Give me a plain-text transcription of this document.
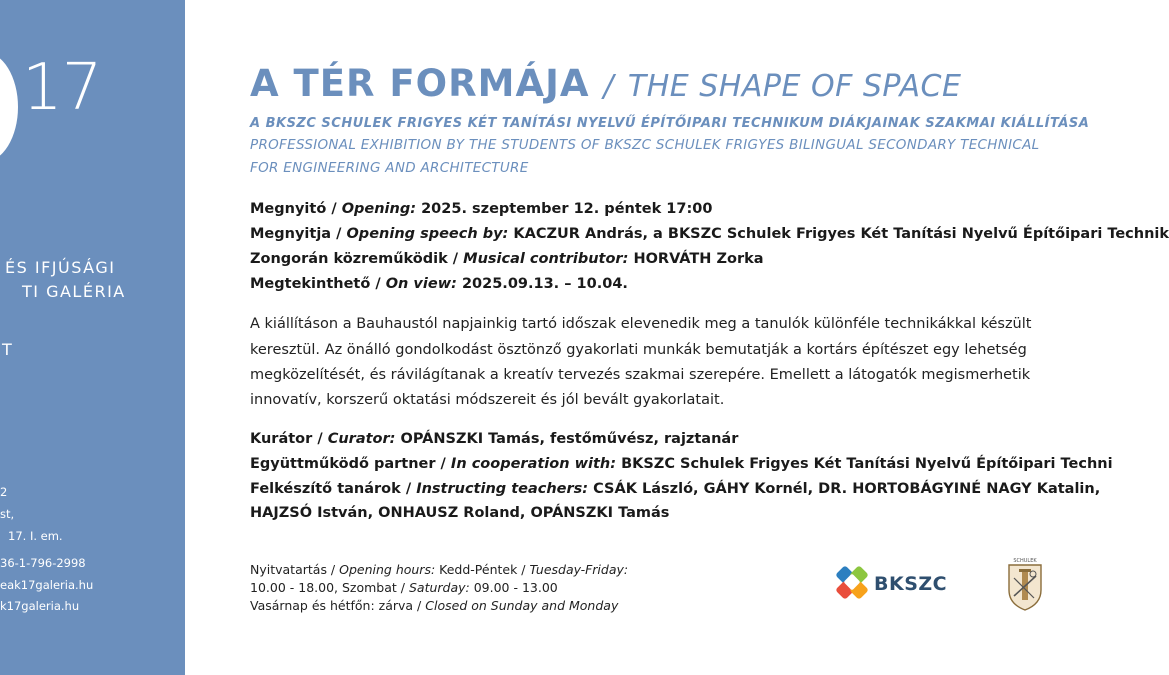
17
ÉS IFJÚSÁGI
TI GALÉRIA
T
2
st,
17. I. em.
36-1-796-2998
eak17galeria.hu
k17galeria.hu
A TÉR FORMÁJA / THE SHAPE OF SPACE
A BKSZC SCHULEK FRIGYES KÉT TANÍTÁSI NYELVŰ ÉPÍTŐIPARI TECHNIKUM DIÁKJAINAK SZAKMAI KIÁLLÍTÁSA
PROFESSIONAL EXHIBITION BY THE STUDENTS OF BKSZC SCHULEK FRIGYES BILINGUAL SECONDARY TECHNICAL
FOR ENGINEERING AND ARCHITECTURE
Megnyitó / Opening: 2025. szeptember 12. péntek 17:00
Megnyitja / Opening speech by: KACZUR András, a BKSZC Schulek Frigyes Két Tanítási Nyelvű Építőipari Technik
Zongorán közreműködik / Musical contributor: HORVÁTH Zorka
Megtekinthető / On view: 2025.09.13. – 10.04.
A kiállításon a Bauhaustól napjainkig tartó időszak elevenedik meg a tanulók különféle technikákkal készült
keresztül. Az önálló gondolkodást ösztönző gyakorlati munkák bemutatják a kortárs építészet egy lehetség
megközelítését, és rávilágítanak a kreatív tervezés szakmai szerepére. Emellett a látogatók megismerhetik
innovatív, korszerű oktatási módszereit és jól bevált gyakorlatait.
Kurátor / Curator: OPÁNSZKI Tamás, festőművész, rajztanár
Együttműködő partner / In cooperation with: BKSZC Schulek Frigyes Két Tanítási Nyelvű Építőipari Techni
Felkészítő tanárok / Instructing teachers: CSÁK László, GÁHY Kornél, DR. HORTOBÁGYINÉ NAGY Katalin,
HAJZSÓ István, ONHAUSZ Roland, OPÁNSZKI Tamás
Nyitvatartás / Opening hours: Kedd-Péntek / Tuesday-Friday:
10.00 - 18.00, Szombat / Saturday: 09.00 - 13.00
Vasárnap és hétfőn: zárva / Closed on Sunday and Monday
BKSZC
SCHULEK
